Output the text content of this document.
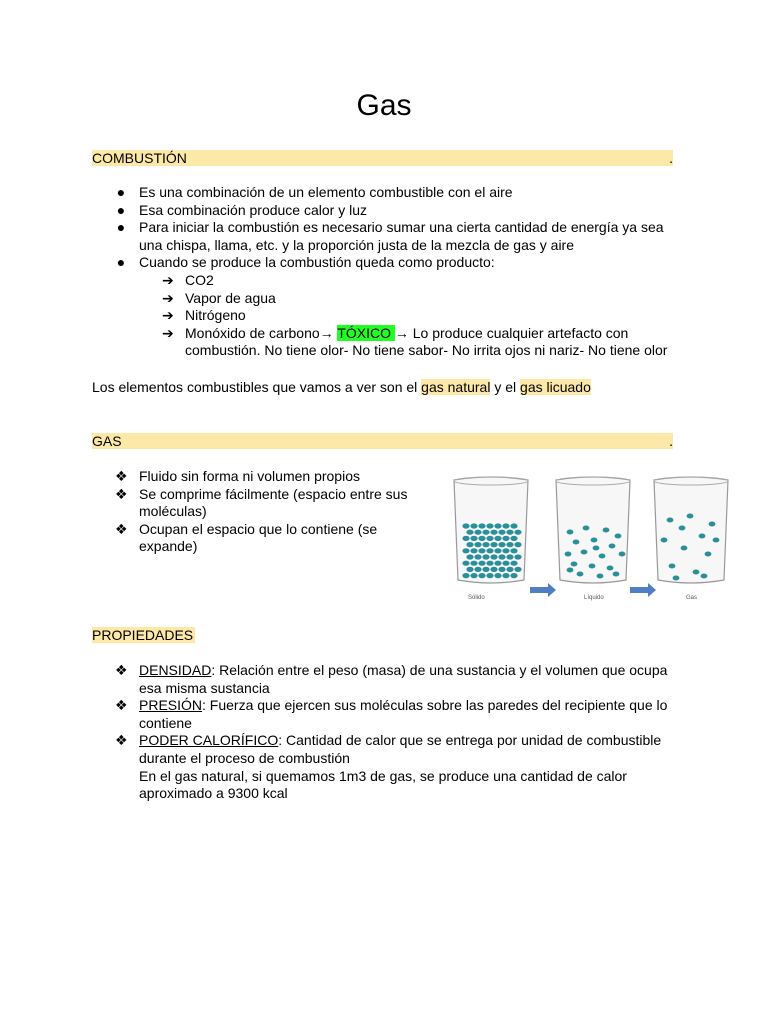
Gas
COMBUSTIÓN	.
● Es una combinación de un elemento combustible con el aire
● Esa combinación produce calor y luz
● Para iniciar la combustión es necesario sumar una cierta cantidad de energía ya sea una chispa, llama, etc. y la proporción justa de la mezcla de gas y aire
● Cuando se produce la combustión queda como producto:
➔ CO2
➔ Vapor de agua
➔ Nitrógeno
➔ Monóxido de carbono→ TÓXICO → Lo produce cualquier artefacto con combustión. No tiene olor- No tiene sabor- No irrita ojos ni nariz- No tiene olor
Los elementos combustibles que vamos a ver son el gas natural y el gas licuado
GAS	.
❖ Fluido sin forma ni volumen propios
❖ Se comprime fácilmente (espacio entre sus moléculas)
❖ Ocupan el espacio que lo contiene (se expande)
Sólido	Líquido	Gas
PROPIEDADES
❖ DENSIDAD: Relación entre el peso (masa) de una sustancia y el volumen que ocupa esa misma sustancia
❖ PRESIÓN: Fuerza que ejercen sus moléculas sobre las paredes del recipiente que lo contiene
❖ PODER CALORÍFICO: Cantidad de calor que se entrega por unidad de combustible durante el proceso de combustión
En el gas natural, si quemamos 1m3 de gas, se produce una cantidad de calor aproximado a 9300 kcal
